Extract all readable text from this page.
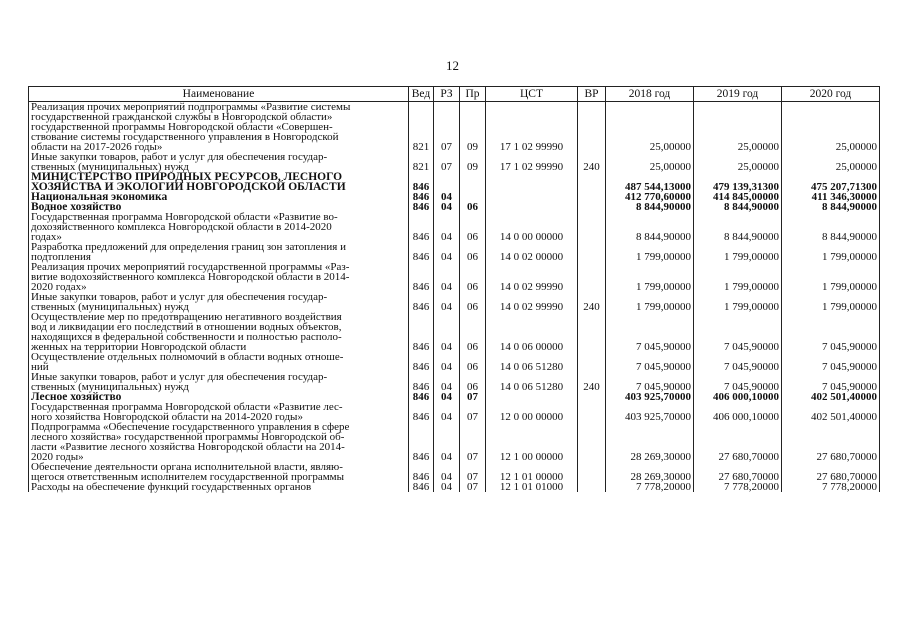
12
Наименование	Вед	РЗ	Пр	ЦСТ	ВР	2018 год	2019 год	2020 год

Реализация прочих мероприятий подпрограммы «Развитие системы
государственной гражданской службы в Новгородской области»
государственной программы Новгородской области «Совершен-
ствование системы государственного управления в Новгородской
области на 2017-2026 годы»	821	07	09	17 1 02 99990		25,00000	25,00000	25,00000

Иные закупки товаров, работ и услуг для обеспечения государ-
ственных (муниципальных) нужд	821	07	09	17 1 02 99990	240	25,00000	25,00000	25,00000

МИНИСТЕРСТВО ПРИРОДНЫХ РЕСУРСОВ, ЛЕСНОГО
ХОЗЯЙСТВА И ЭКОЛОГИИ НОВГОРОДСКОЙ ОБЛАСТИ	846					487 544,13000	479 139,31300	475 207,71300

Национальная экономика	846	04				412 770,60000	414 845,00000	411 346,30000

Водное хозяйство	846	04	06			8 844,90000	8 844,90000	8 844,90000

Государственная программа Новгородской области «Развитие во-
дохозяйственного комплекса Новгородской области в 2014-2020
годах»	846	04	06	14 0 00 00000		8 844,90000	8 844,90000	8 844,90000

Разработка предложений для определения границ зон затопления и
подтопления	846	04	06	14 0 02 00000		1 799,00000	1 799,00000	1 799,00000

Реализация прочих мероприятий государственной программы «Раз-
витие водохозяйственного комплекса Новгородской области в 2014-
2020 годах»	846	04	06	14 0 02 99990		1 799,00000	1 799,00000	1 799,00000

Иные закупки товаров, работ и услуг для обеспечения государ-
ственных (муниципальных) нужд	846	04	06	14 0 02 99990	240	1 799,00000	1 799,00000	1 799,00000

Осуществление мер по предотвращению негативного воздействия
вод и ликвидации его последствий в отношении водных объектов,
находящихся в федеральной собственности и полностью располо-
женных на территории Новгородской области	846	04	06	14 0 06 00000		7 045,90000	7 045,90000	7 045,90000

Осуществление отдельных полномочий в области водных отноше-
ний	846	04	06	14 0 06 51280		7 045,90000	7 045,90000	7 045,90000

Иные закупки товаров, работ и услуг для обеспечения государ-
ственных (муниципальных) нужд	846	04	06	14 0 06 51280	240	7 045,90000	7 045,90000	7 045,90000

Лесное хозяйство	846	04	07			403 925,70000	406 000,10000	402 501,40000

Государственная программа Новгородской области «Развитие лес-
ного хозяйства Новгородской области на 2014-2020 годы»	846	04	07	12 0 00 00000		403 925,70000	406 000,10000	402 501,40000

Подпрограмма «Обеспечение государственного управления в сфере
лесного хозяйства» государственной программы Новгородской об-
ласти «Развитие лесного хозяйства Новгородской области на 2014-
2020 годы»	846	04	07	12 1 00 00000		28 269,30000	27 680,70000	27 680,70000

Обеспечение деятельности органа исполнительной власти, являю-
щегося ответственным исполнителем государственной программы	846	04	07	12 1 01 00000		28 269,30000	27 680,70000	27 680,70000

Расходы на обеспечение функций государственных органов	846	04	07	12 1 01 01000		7 778,20000	7 778,20000	7 778,20000
